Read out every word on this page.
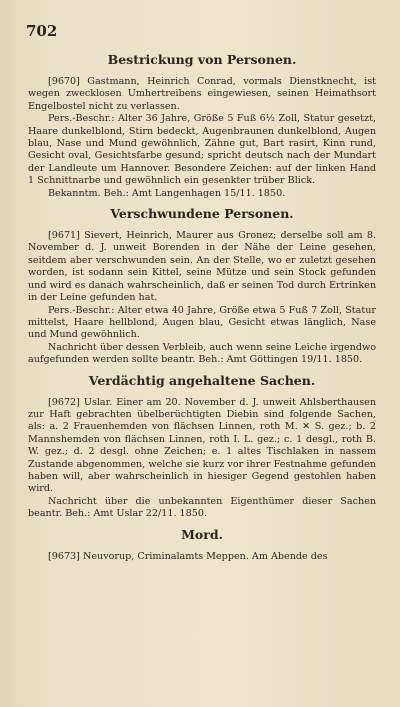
702
Bestrickung von Personen.

[9670] Gastmann, Heinrich Conrad, vormals Dienstknecht, ist wegen zwecklosen Umhertreibens eingewiesen, seinen Heimathsort Engelbostel nicht zu verlassen.

Pers.-Beschr.: Alter 36 Jahre, Größe 5 Fuß 6½ Zoll, Statur gesetzt, Haare dunkelblond, Stirn bedeckt, Augenbraunen dunkelblond, Augen blau, Nase und Mund gewöhnlich, Zähne gut, Bart rasirt, Kinn rund, Gesicht oval, Gesichtsfarbe gesund; spricht deutsch nach der Mundart der Landleute um Hannover. Besondere Zeichen: auf der linken Hand 1 Schnittnarbe und gewöhnlich ein gesenkter trüber Blick.

Bekanntm. Beh.: Amt Langenhagen 15/11. 1850.

Verschwundene Personen.

[9671] Sievert, Heinrich, Maurer aus Gronez; derselbe soll am 8. November d. J. unweit Borenden in der Nähe der Leine gesehen, seitdem aber verschwunden sein. An der Stelle, wo er zuletzt gesehen worden, ist sodann sein Kittel, seine Mütze und sein Stock gefunden und wird es danach wahrscheinlich, daß er seinen Tod durch Ertrinken in der Leine gefunden hat.

Pers.-Beschr.: Alter etwa 40 Jahre, Größe etwa 5 Fuß 7 Zoll, Statur mittelst, Haare hellblond, Augen blau, Gesicht etwas länglich, Nase und Mund gewöhnlich.

Nachricht über dessen Verbleib, auch wenn seine Leiche irgendwo aufgefunden werden sollte beantr. Beh.: Amt Göttingen 19/11. 1850.

Verdächtig angehaltene Sachen.

[9672] Uslar. Einer am 20. November d. J. unweit Ahlsberthausen zur Haft gebrachten übelberüchtigten Diebin sind folgende Sachen, als: a. 2 Frauenhemden von flächsen Linnen, roth M. ✕ S. gez.; b. 2 Mannshemden von flächsen Linnen, roth I. L. gez.; c. 1 desgl., roth B. W. gez.; d. 2 desgl. ohne Zeichen; e. 1 altes Tischlaken in nassem Zustande abgenommen, welche sie kurz vor ihrer Festnahme gefunden haben will, aber wahrscheinlich in hiesiger Gegend gestohlen haben wird.

Nachricht über die unbekannten Eigenthümer dieser Sachen beantr. Beh.: Amt Uslar 22/11. 1850.

Mord.

[9673] Neuvorup, Criminalamts Meppen. Am Abende des
